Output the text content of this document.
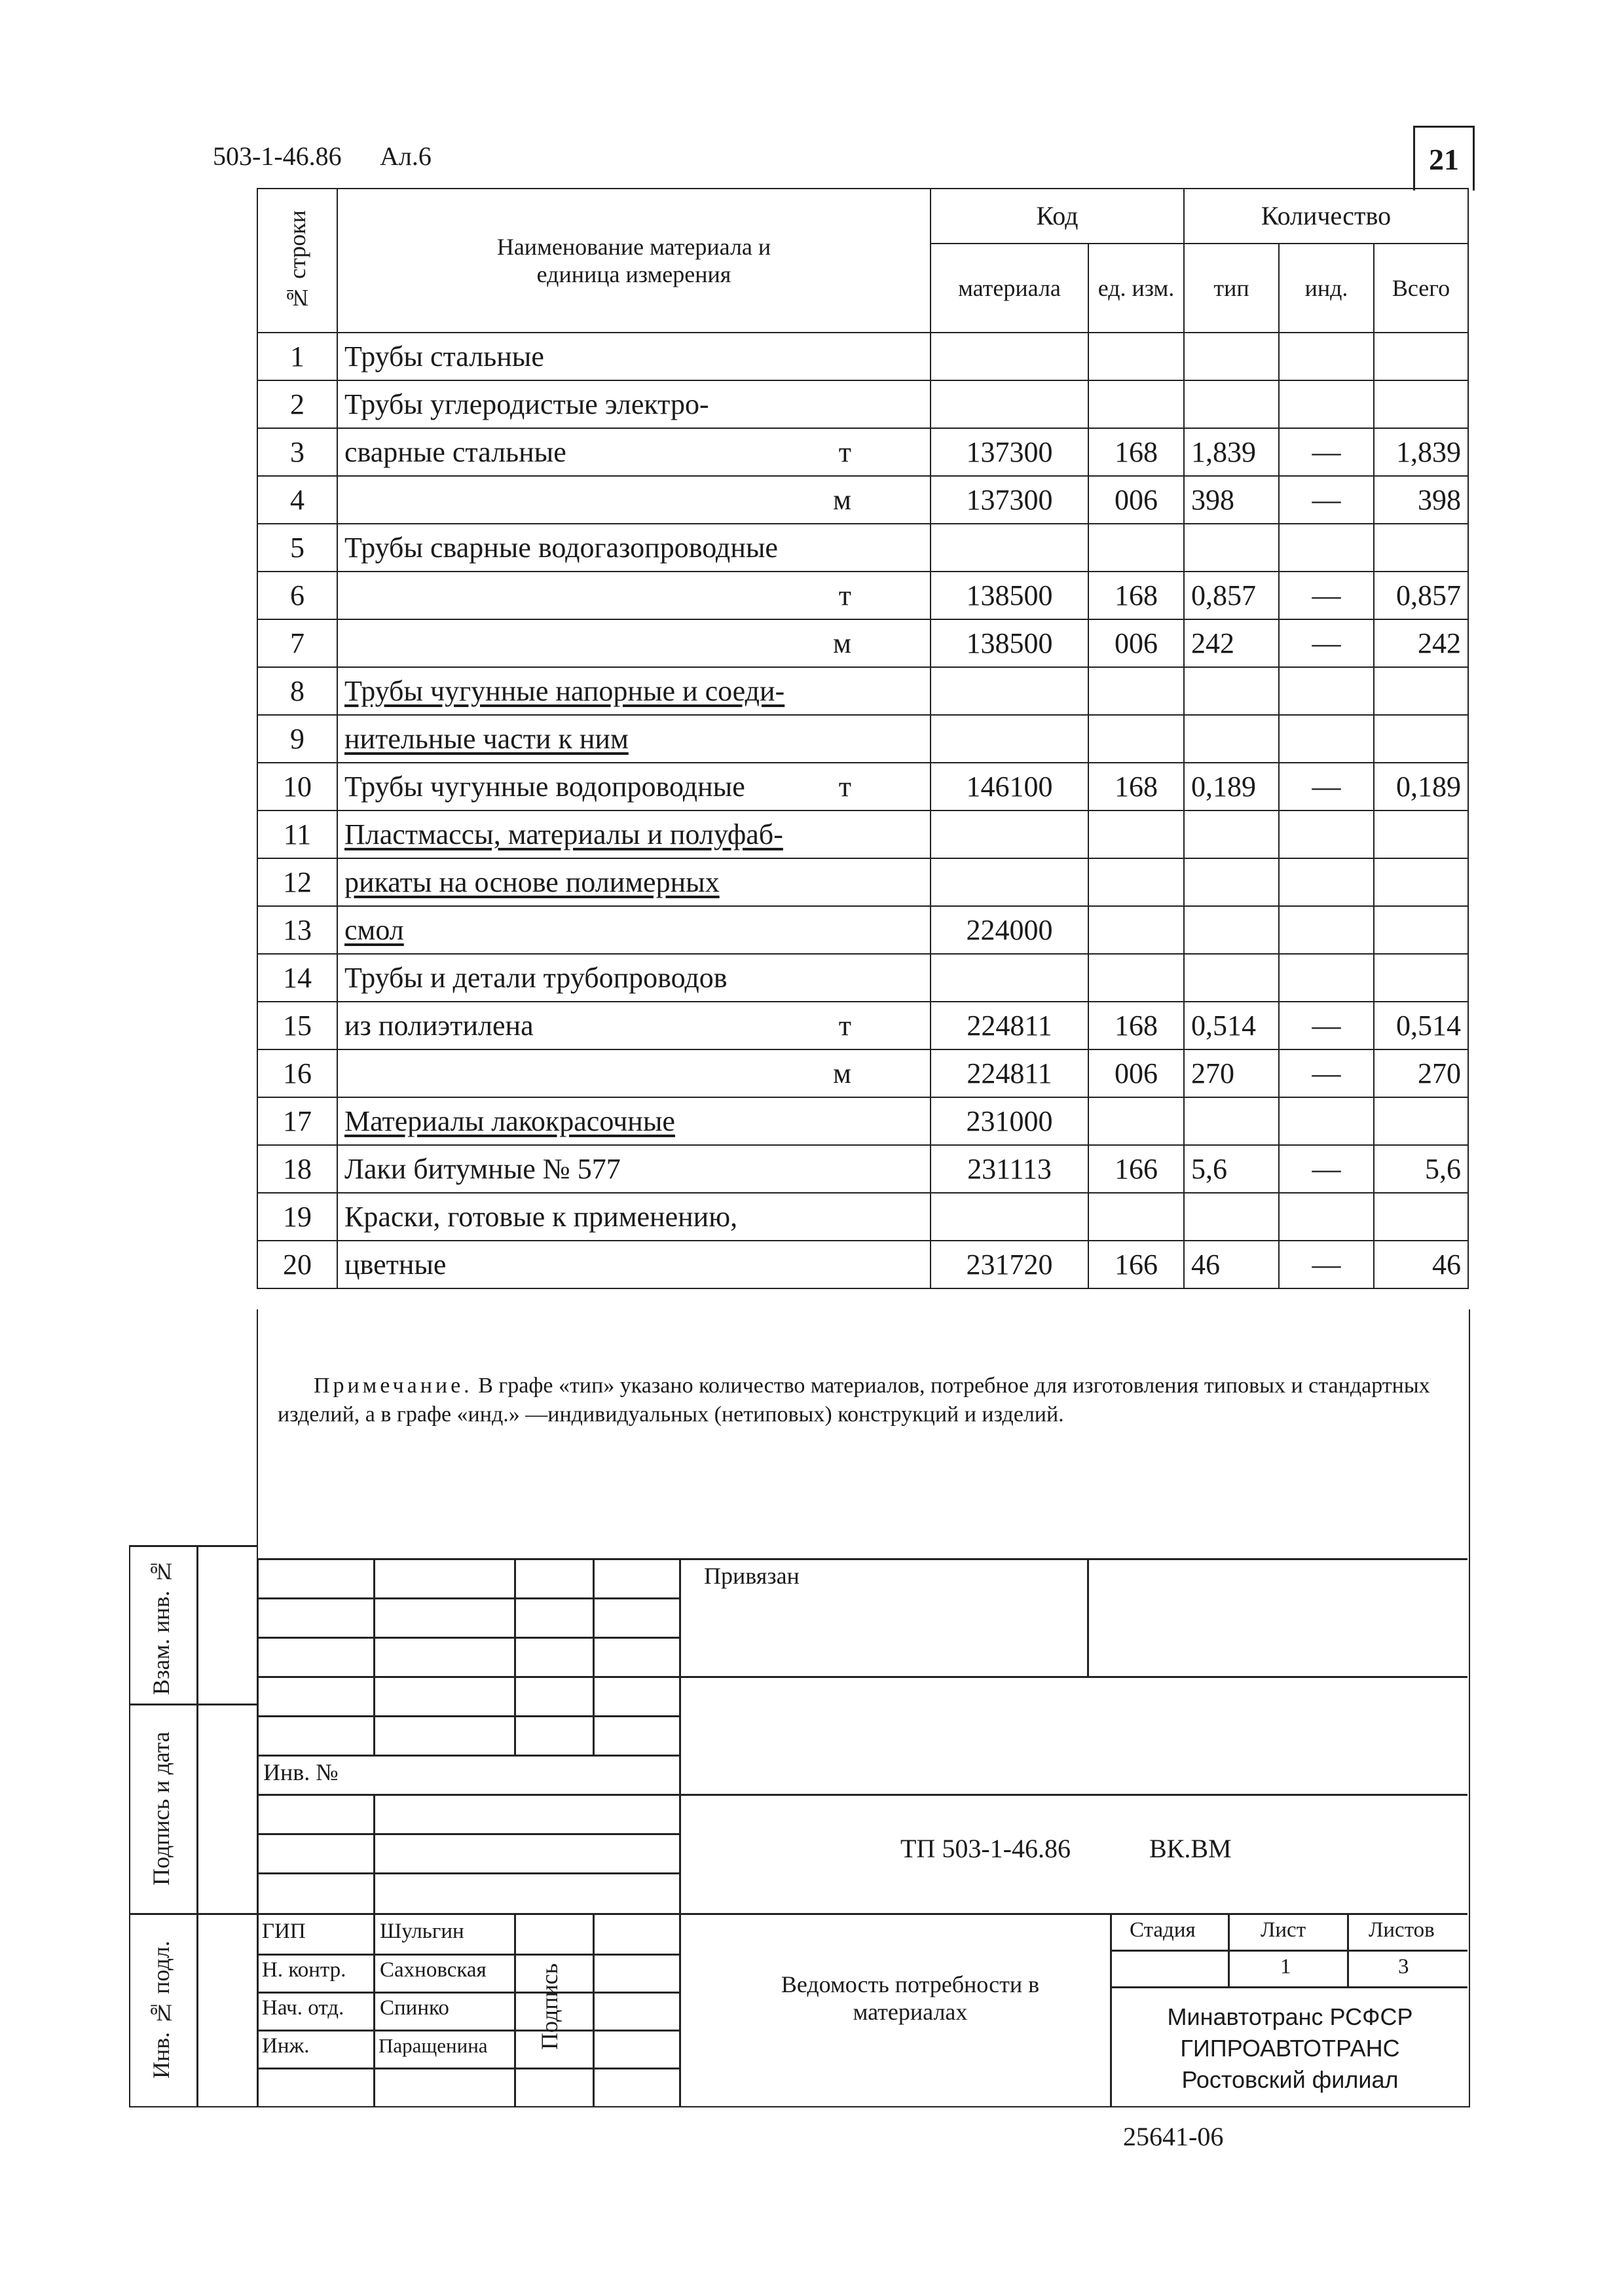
503-1-46.86 Ал.6	21
№ строки	Наименование материала и единица измерения	Код		Количество		
		материала	ед. изм.	тип	инд.	Всего
1	Трубы стальные					

2	Трубы углеродистые электро-					

3	сварные стальные т	137300	168	1,839	—	1,839
4	м	137300	006	398	—	398
5	Трубы сварные водогазопроводные					

6	т	138500	168	0,857	—	0,857
7	м	138500	006	242	—	242
8	Трубы чугунные напорные и соеди-					

9	нительные части к ним					

10	Трубы чугунные водопроводные т	146100	168	0,189	—	0,189
11	Пластмассы, материалы и полуфаб-					

12	рикаты на основе полимерных					

13	смол	224000				
14	Трубы и детали трубопроводов					

15	из полиэтилена т	224811	168	0,514	—	0,514
16	м	224811	006	270	—	270
17	Материалы лакокрасочные	231000				
18	Лаки битумные № 577	231113	166	5,6	—	5,6
19	Краски, готовые к применению,					

20	цветные	231720	166	46	—	46
Примечание. В графе «тип» указано количество материалов, потребное для изготовления типовых и стандартных изделий, а в графе «инд.» —индивидуальных (нетиповых) конструкций и изделий.
Взам. инв. №
Подпись и дата
Инв. № подл.
Привязан
Инв. №
ТП 503-1-46.86	ВК.ВМ
ГИП
Н. контр.
Нач. отд.
Инж.
Шульгин
Сахновская
Спинко
Паращенина Подпись	Ведомость потребности в материалах
Стадия	Лист	Листов
1	3
Минавтотранс РСФСР
ГИПРОАВТОТРАНС
Ростовский филиал
25641-06
